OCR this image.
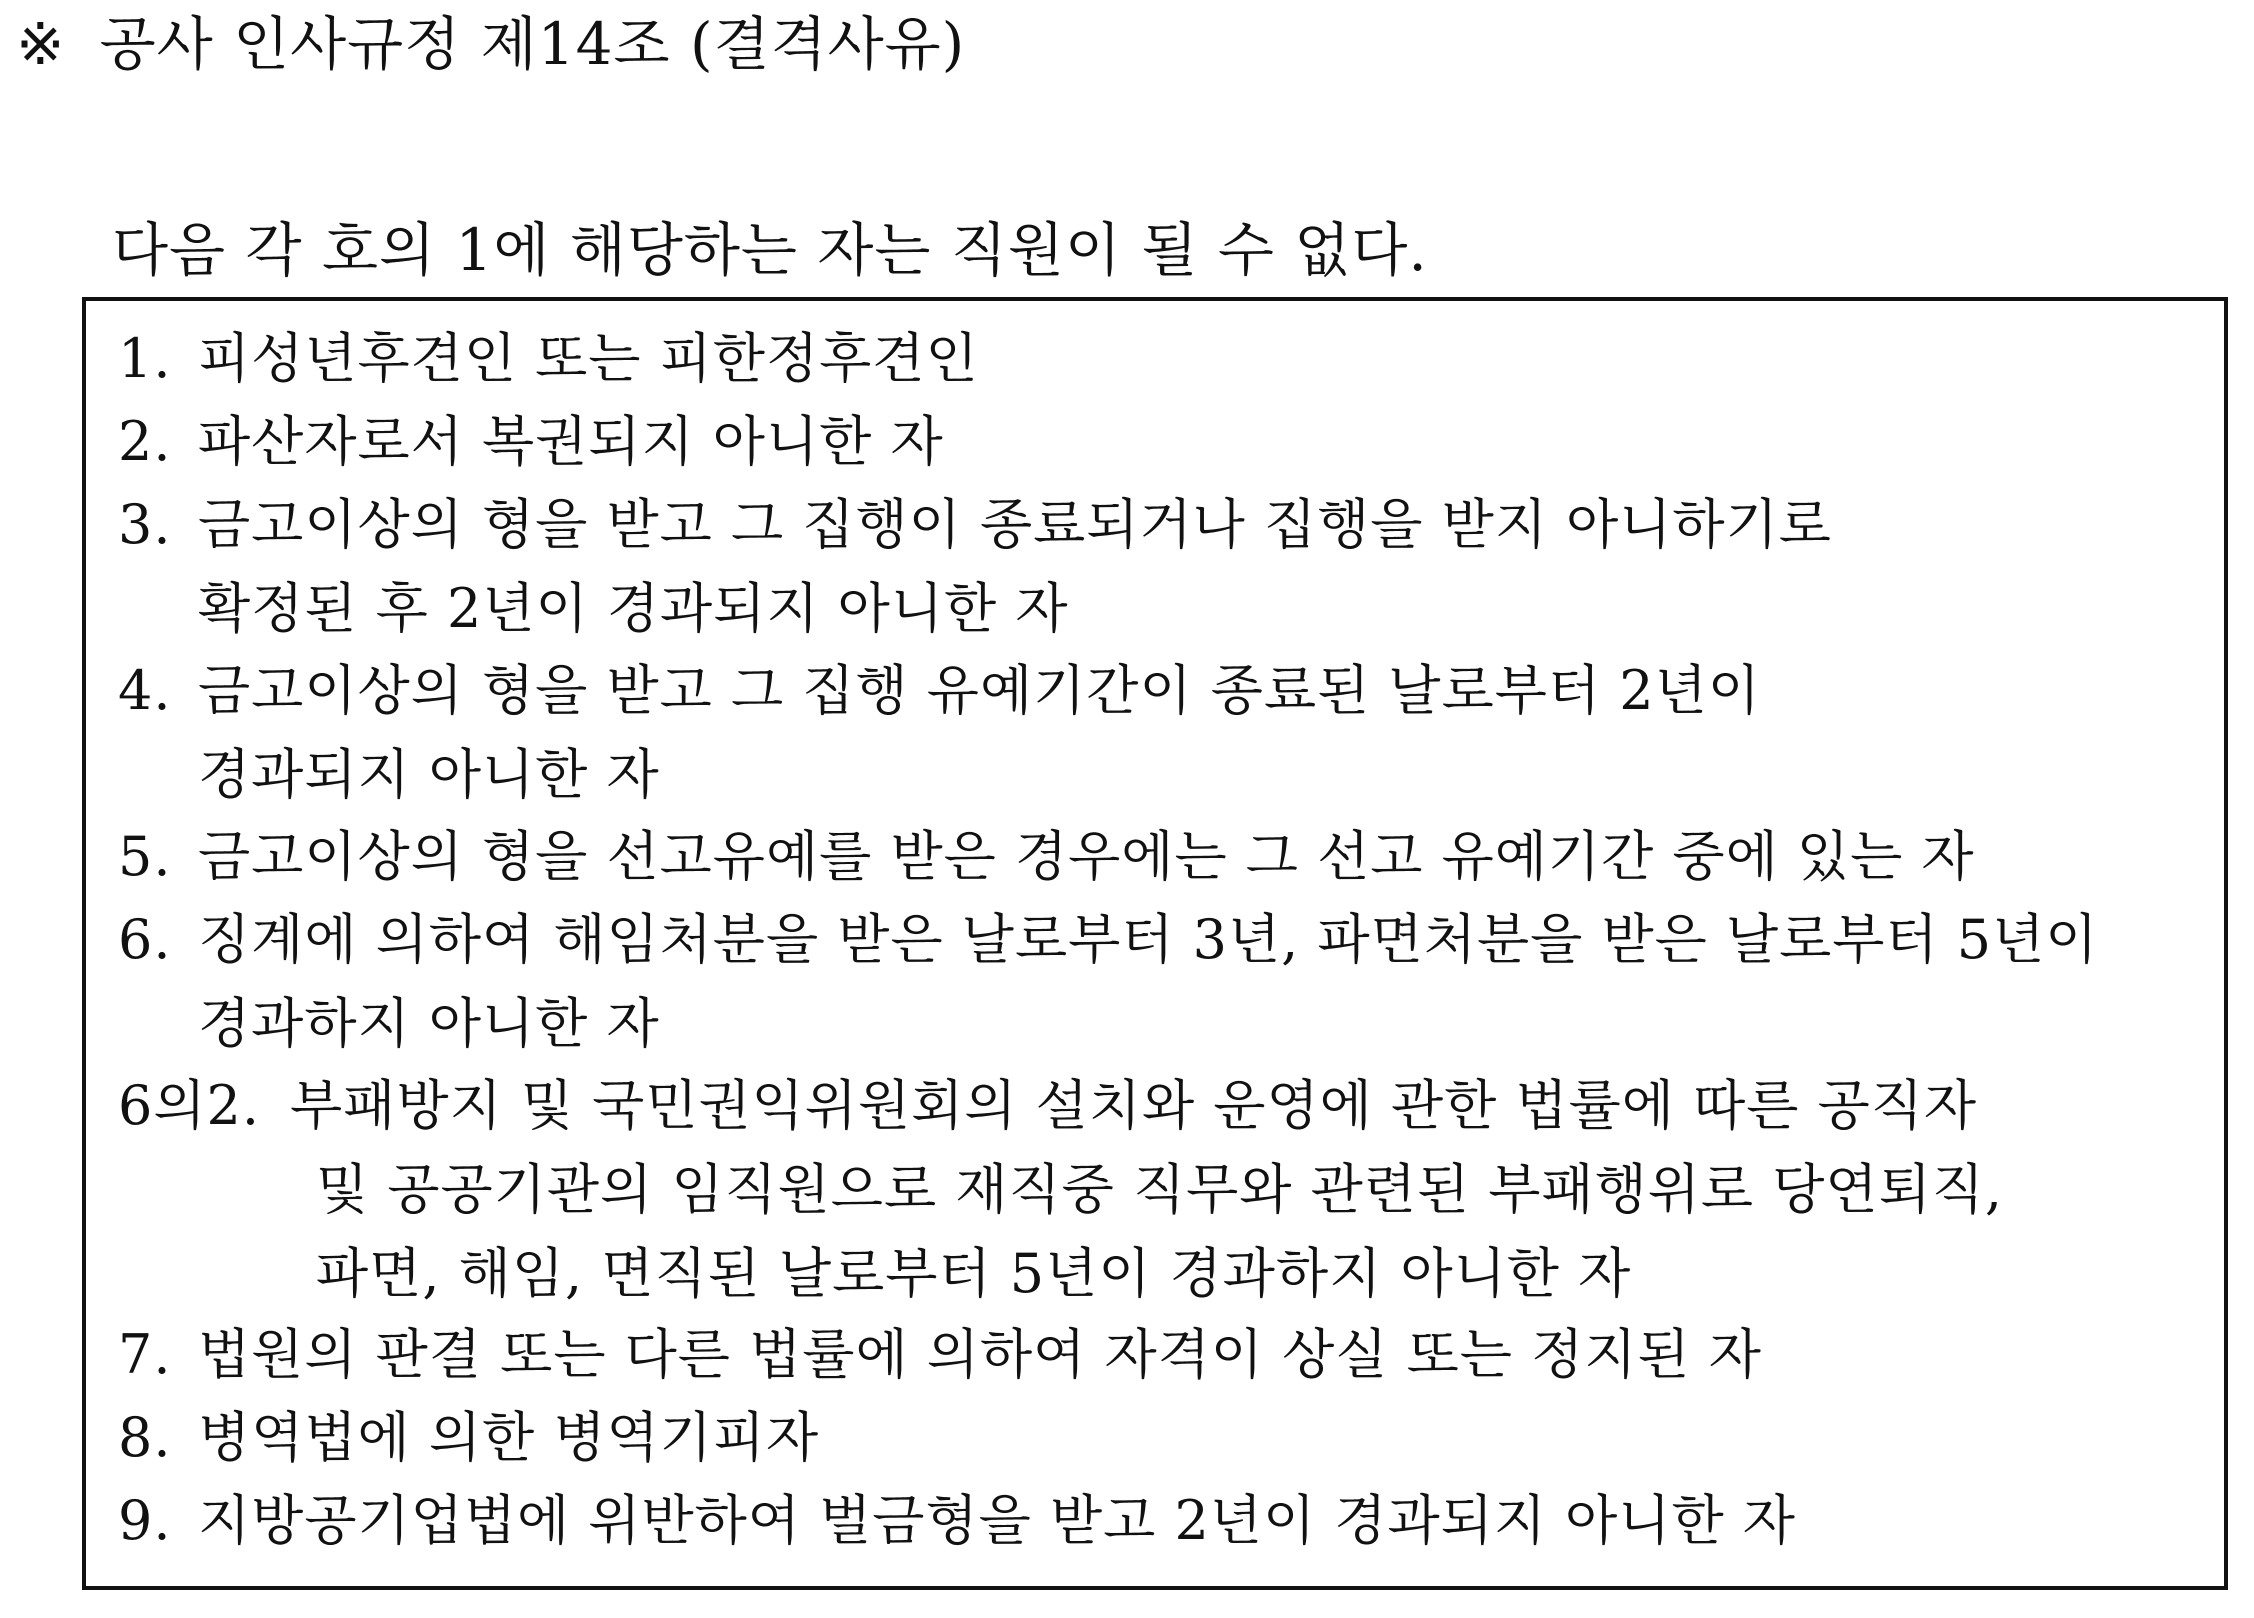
※ 공사 인사규정 제14조 (결격사유)
다음 각 호의 1에 해당하는 자는 직원이 될 수 없다.
1. 피성년후견인 또는 피한정후견인
2. 파산자로서 복권되지 아니한 자
3. 금고이상의 형을 받고 그 집행이 종료되거나 집행을 받지 아니하기로
확정된 후 2년이 경과되지 아니한 자
4. 금고이상의 형을 받고 그 집행 유예기간이 종료된 날로부터 2년이
경과되지 아니한 자
5. 금고이상의 형을 선고유예를 받은 경우에는 그 선고 유예기간 중에 있는 자
6. 징계에 의하여 해임처분을 받은 날로부터 3년, 파면처분을 받은 날로부터 5년이
경과하지 아니한 자
6의2. 부패방지 및 국민권익위원회의 설치와 운영에 관한 법률에 따른 공직자
및 공공기관의 임직원으로 재직중 직무와 관련된 부패행위로 당연퇴직,
파면, 해임, 면직된 날로부터 5년이 경과하지 아니한 자
7. 법원의 판결 또는 다른 법률에 의하여 자격이 상실 또는 정지된 자
8. 병역법에 의한 병역기피자
9. 지방공기업법에 위반하여 벌금형을 받고 2년이 경과되지 아니한 자
